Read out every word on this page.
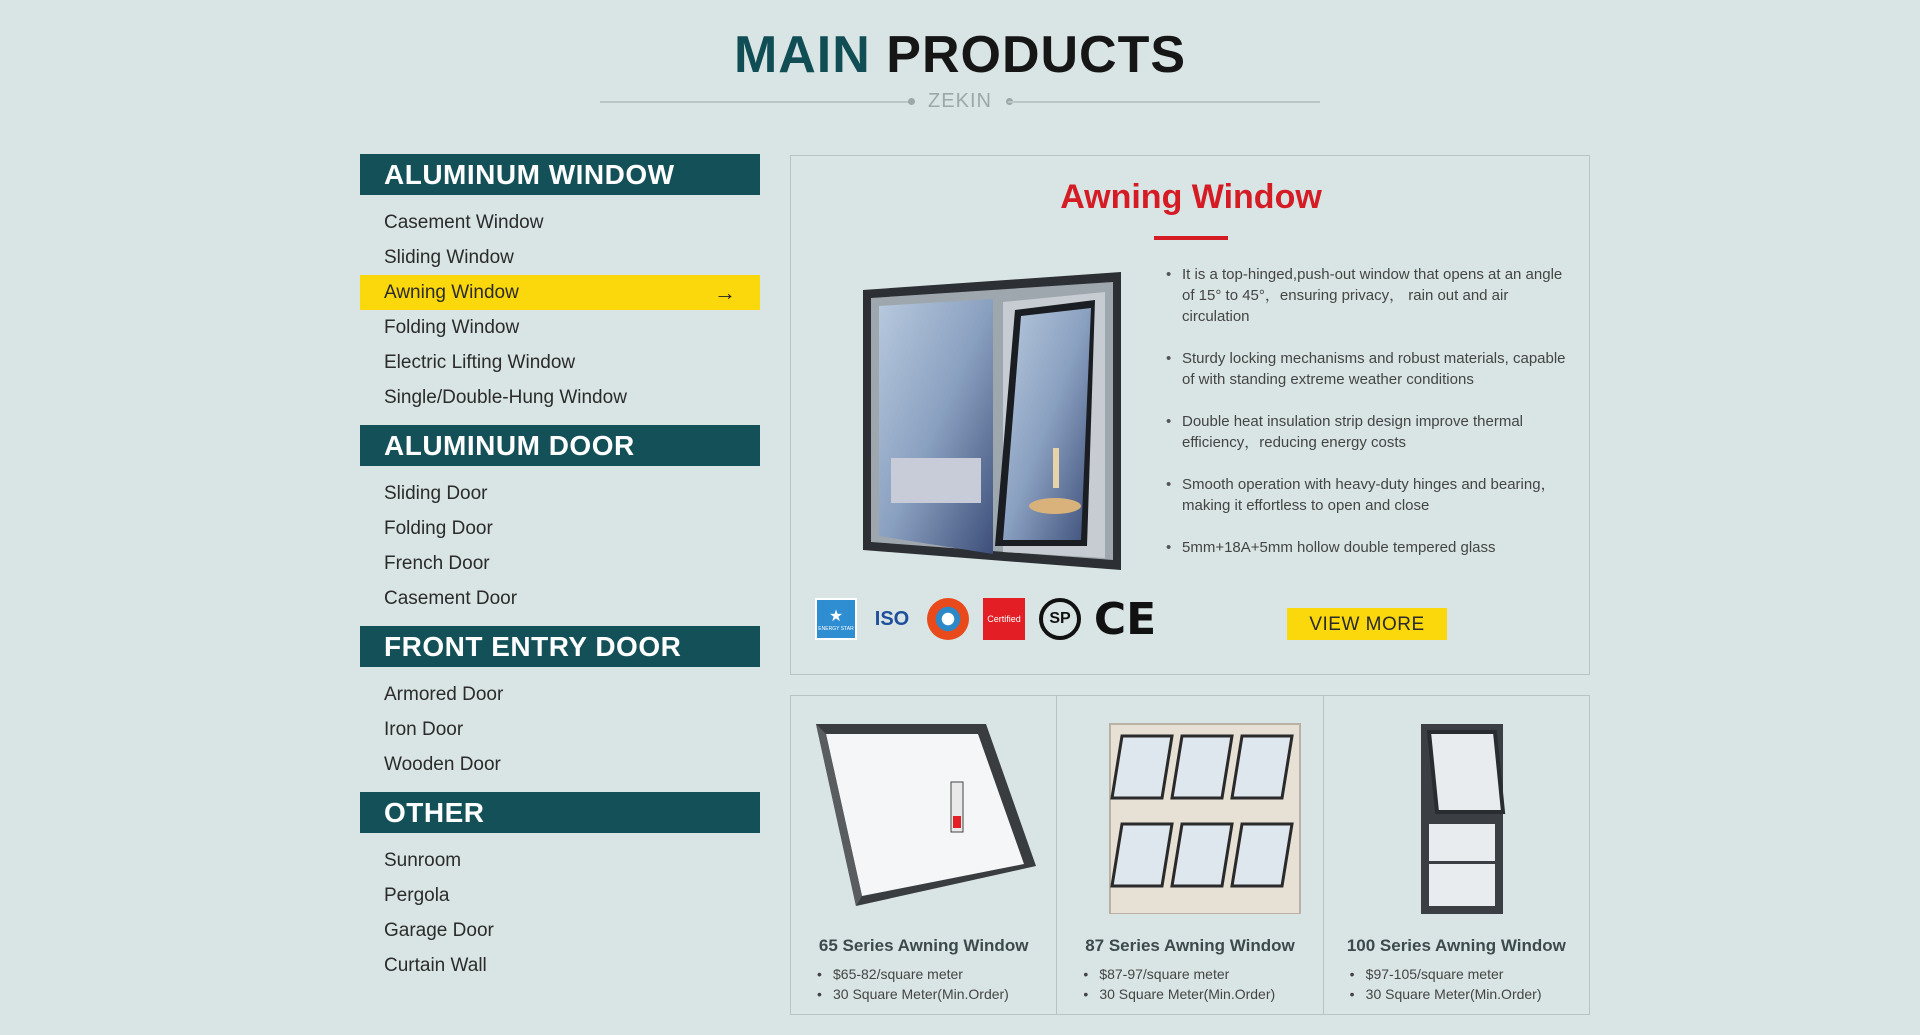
MAIN PRODUCTS
ZEKIN
ALUMINUM WINDOW
Casement Window
Sliding Window
Awning Window	→
Folding Window
Electric Lifting Window
Single/Double-Hung Window
ALUMINUM DOOR
Sliding Door
Folding Door
French Door
Casement Door
FRONT ENTRY DOOR
Armored Door
Iron Door
Wooden Door
OTHER
Sunroom
Pergola
Garage Door
Curtain Wall
Awning Window
• It is a top-hinged,push-out window that opens at an angle of 15° to 45°，ensuring privacy， rain out and air circulation
• Sturdy locking mechanisms and robust materials, capable of with standing extreme weather conditions
• Double heat insulation strip design improve thermal efficiency，reducing energy costs
• Smooth operation with heavy-duty hinges and bearing， making it effortless to open and close
• 5mm+18A+5mm hollow double tempered glass
★
ENERGY STAR ISO	Certified	SP CE	VIEW MORE
65 Series Awning Window
• $65-82/square meter
• 30 Square Meter(Min.Order)
87 Series Awning Window
• $87-97/square meter
• 30 Square Meter(Min.Order)
100 Series Awning Window
• $97-105/square meter
• 30 Square Meter(Min.Order)
